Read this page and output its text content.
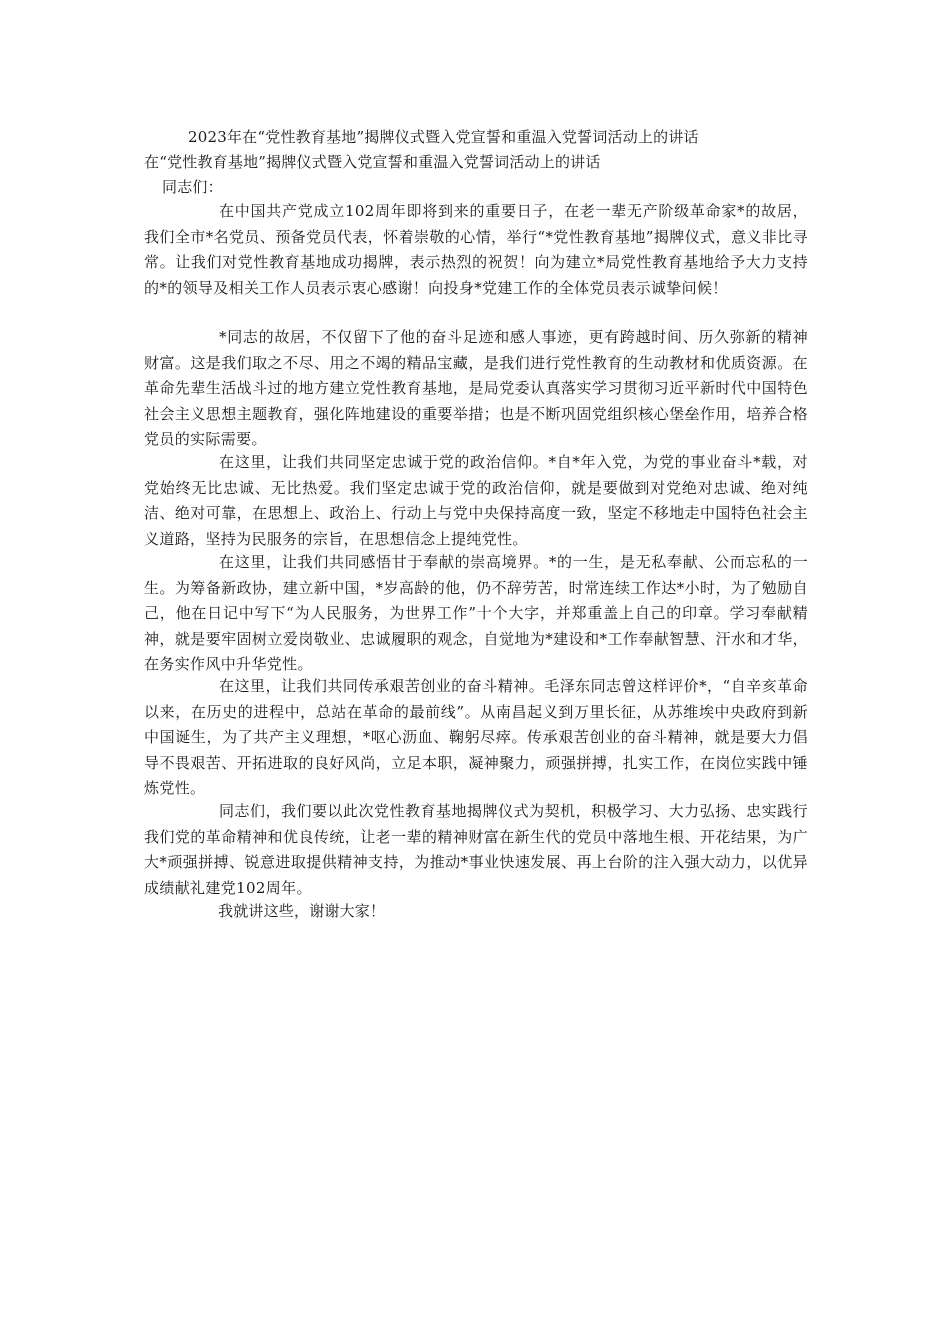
2023年在“党性教育基地”揭牌仪式暨入党宣誓和重温入党誓词活动上的讲话
在“党性教育基地”揭牌仪式暨入党宣誓和重温入党誓词活动上的讲话
同志们：
在中国共产党成立102周年即将到来的重要日子，在老一辈无产阶级革命家*的故居，我们全市*名党员、预备党员代表，怀着崇敬的心情，举行“*党性教育基地”揭牌仪式，意义非比寻常。让我们对党性教育基地成功揭牌，表示热烈的祝贺！向为建立*局党性教育基地给予大力支持的*的领导及相关工作人员表示衷心感谢！向投身*党建工作的全体党员表示诚挚问候！
*同志的故居，不仅留下了他的奋斗足迹和感人事迹，更有跨越时间、历久弥新的精神财富。这是我们取之不尽、用之不竭的精品宝藏，是我们进行党性教育的生动教材和优质资源。在革命先辈生活战斗过的地方建立党性教育基地，是局党委认真落实学习贯彻习近平新时代中国特色社会主义思想主题教育，强化阵地建设的重要举措；也是不断巩固党组织核心堡垒作用，培养合格党员的实际需要。
在这里，让我们共同坚定忠诚于党的政治信仰。*自*年入党，为党的事业奋斗*载，对党始终无比忠诚、无比热爱。我们坚定忠诚于党的政治信仰，就是要做到对党绝对忠诚、绝对纯洁、绝对可靠，在思想上、政治上、行动上与党中央保持高度一致，坚定不移地走中国特色社会主义道路，坚持为民服务的宗旨，在思想信念上提纯党性。
在这里，让我们共同感悟甘于奉献的崇高境界。*的一生，是无私奉献、公而忘私的一生。为筹备新政协，建立新中国，*岁高龄的他，仍不辞劳苦，时常连续工作达*小时，为了勉励自己，他在日记中写下“为人民服务，为世界工作”十个大字，并郑重盖上自己的印章。学习奉献精神，就是要牢固树立爱岗敬业、忠诚履职的观念，自觉地为*建设和*工作奉献智慧、汗水和才华，在务实作风中升华党性。
在这里，让我们共同传承艰苦创业的奋斗精神。毛泽东同志曾这样评价*，“自辛亥革命以来，在历史的进程中，总站在革命的最前线”。从南昌起义到万里长征，从苏维埃中央政府到新中国诞生，为了共产主义理想，*呕心沥血、鞠躬尽瘁。传承艰苦创业的奋斗精神，就是要大力倡导不畏艰苦、开拓进取的良好风尚，立足本职，凝神聚力，顽强拼搏，扎实工作，在岗位实践中锤炼党性。
同志们，我们要以此次党性教育基地揭牌仪式为契机，积极学习、大力弘扬、忠实践行我们党的革命精神和优良传统，让老一辈的精神财富在新生代的党员中落地生根、开花结果，为广大*顽强拼搏、锐意进取提供精神支持，为推动*事业快速发展、再上台阶的注入强大动力，以优异成绩献礼建党102周年。
我就讲这些，谢谢大家！
